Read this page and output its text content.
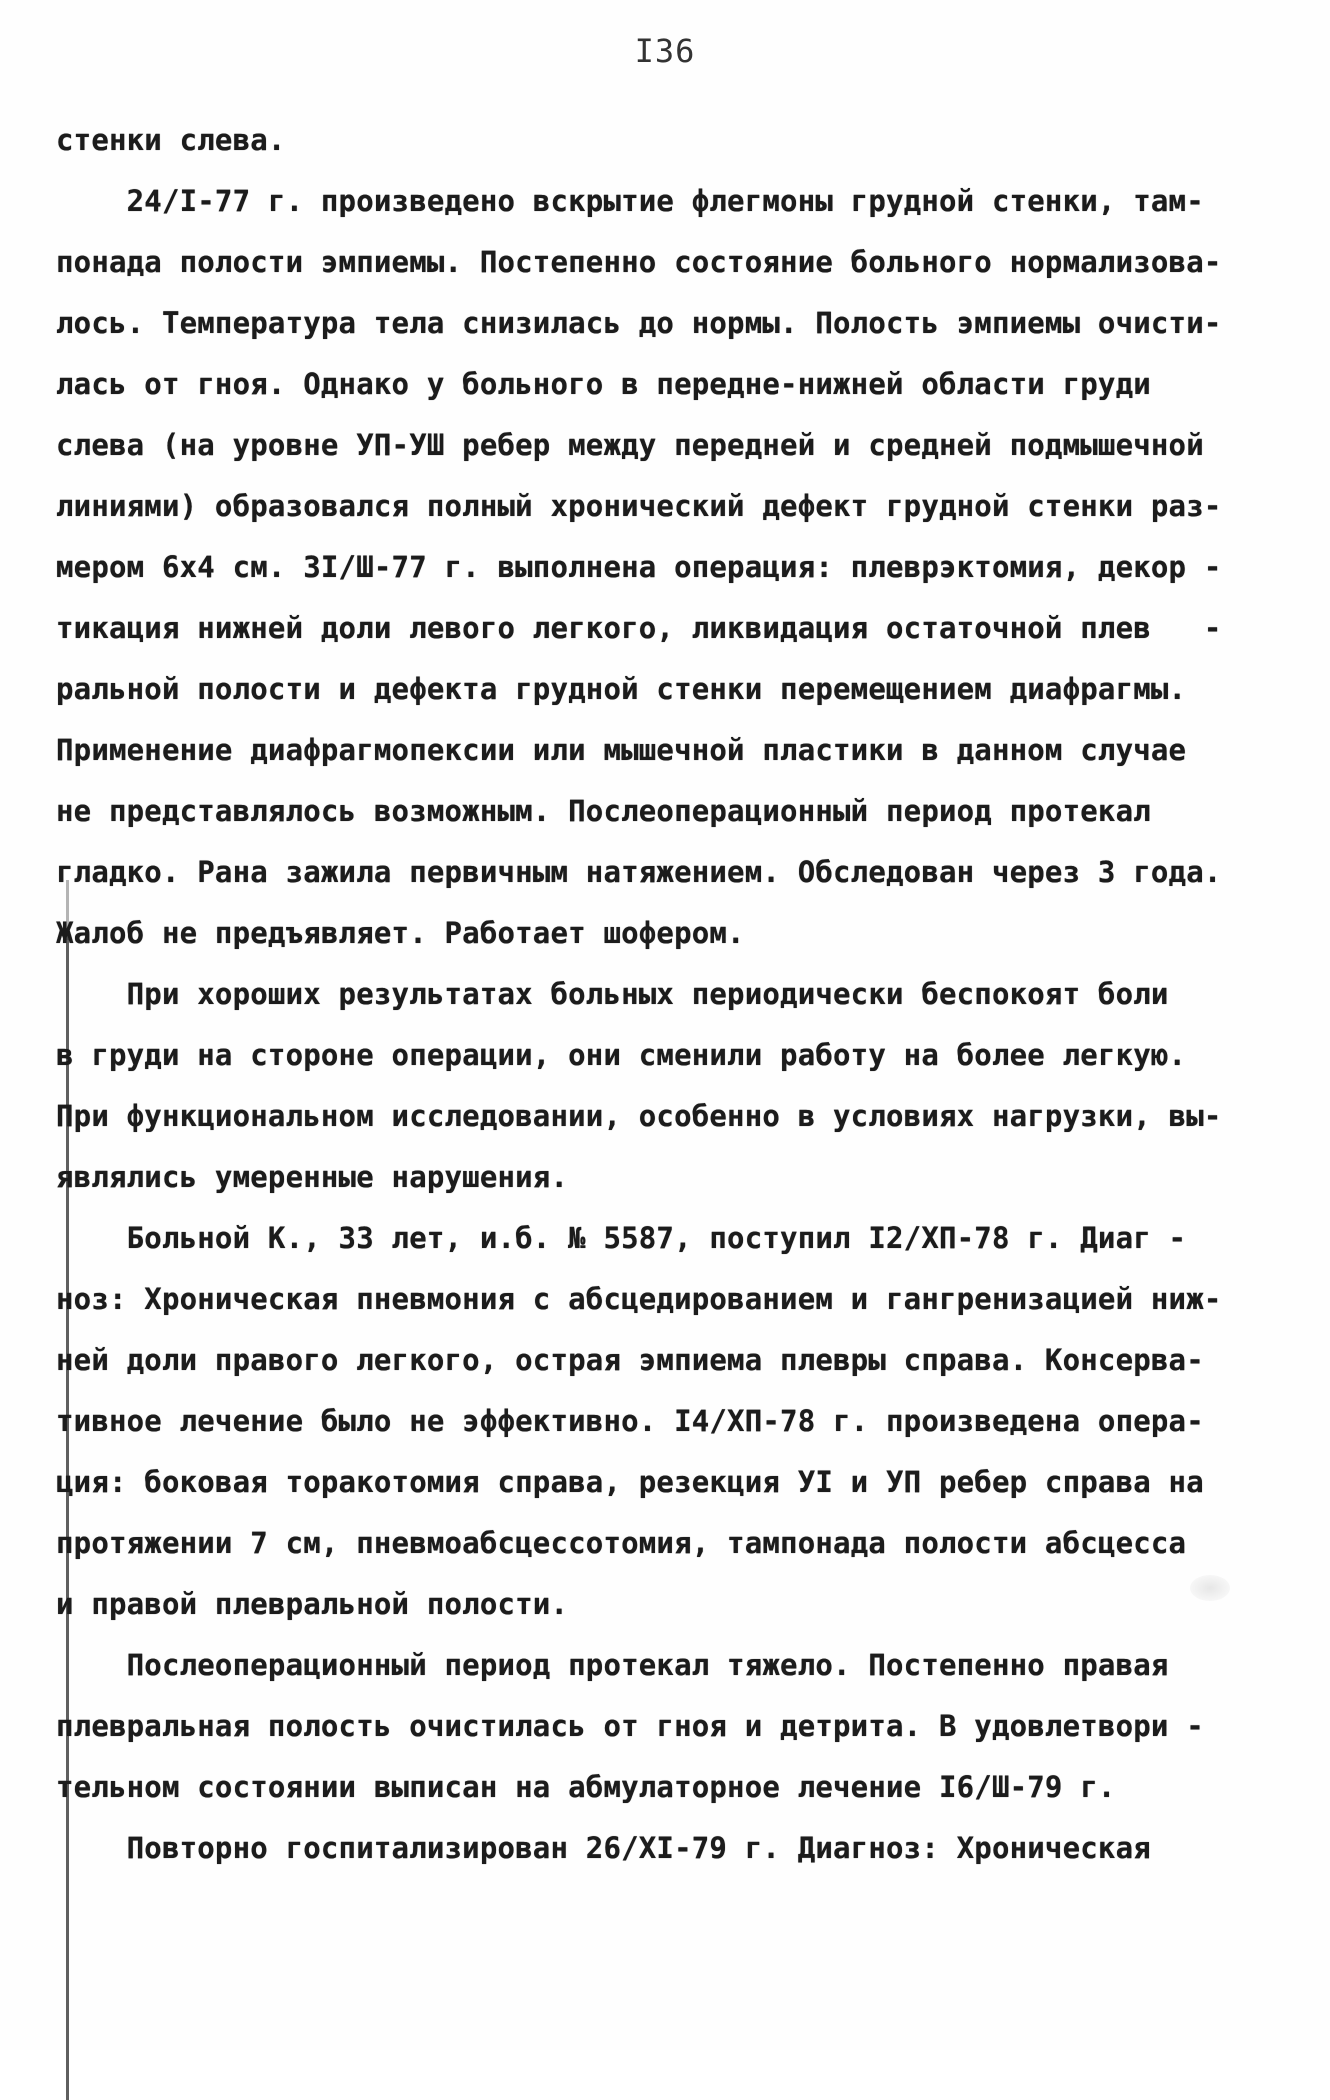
I36
стенки слева.
24/I-77 г. произведено вскрытие флегмоны грудной стенки, там-
понада полости эмпиемы. Постепенно состояние больного нормализова-
лось. Температура тела снизилась до нормы. Полость эмпиемы очисти-
лась от гноя. Однако у больного в передне-нижней области груди
слева (на уровне УП-УШ ребер между передней и средней подмышечной
линиями) образовался полный хронический дефект грудной стенки раз-
мером 6х4 см. 3I/Ш-77 г. выполнена операция: плеврэктомия, декор -
тикация нижней доли левого легкого, ликвидация остаточной плев   -
ральной полости и дефекта грудной стенки перемещением диафрагмы.
Применение диафрагмопексии или мышечной пластики в данном случае
не представлялось возможным. Послеоперационный период протекал
гладко. Рана зажила первичным натяжением. Обследован через 3 года.
Жалоб не предъявляет. Работает шофером.
При хороших результатах больных периодически беспокоят боли
в груди на стороне операции, они сменили работу на более легкую.
При функциональном исследовании, особенно в условиях нагрузки, вы-
являлись умеренные нарушения.
Больной К., 33 лет, и.б. № 5587, поступил I2/ХП-78 г. Диаг -
ноз: Хроническая пневмония с абсцедированием и гангренизацией ниж-
ней доли правого легкого, острая эмпиема плевры справа. Консерва-
тивное лечение было не эффективно. I4/ХП-78 г. произведена опера-
ция: боковая торакотомия справа, резекция УI и УП ребер справа на
протяжении 7 см, пневмоабсцессотомия, тампонада полости абсцесса
и правой плевральной полости.
Послеоперационный период протекал тяжело. Постепенно правая
плевральная полость очистилась от гноя и детрита. В удовлетвори -
тельном состоянии выписан на абмулаторное лечение I6/Ш-79 г.
Повторно госпитализирован 26/XI-79 г. Диагноз: Хроническая
